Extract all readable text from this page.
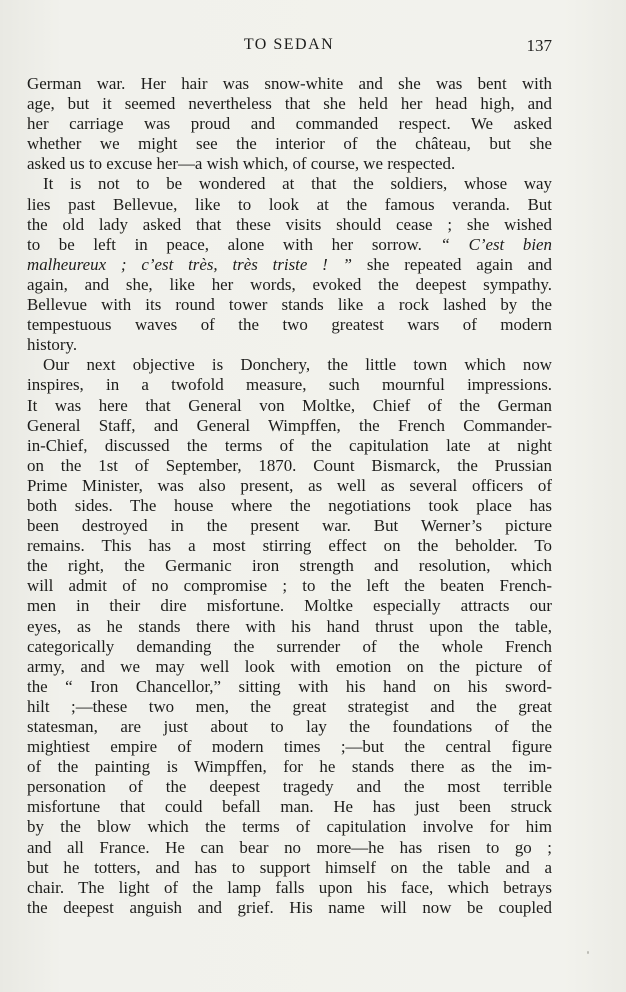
TO SEDAN	137
German war. Her hair was snow-white and she was bent with
age, but it seemed nevertheless that she held her head high, and
her carriage was proud and commanded respect. We asked
whether we might see the interior of the château, but she
asked us to excuse her—a wish which, of course, we respected.
It is not to be wondered at that the soldiers, whose way
lies past Bellevue, like to look at the famous veranda. But
the old lady asked that these visits should cease ; she wished
to be left in peace, alone with her sorrow. “ C’est bien
malheureux ; c’est très, très triste ! ” she repeated again and
again, and she, like her words, evoked the deepest sympathy.
Bellevue with its round tower stands like a rock lashed by the
tempestuous waves of the two greatest wars of modern
history.
Our next objective is Donchery, the little town which now
inspires, in a twofold measure, such mournful impressions.
It was here that General von Moltke, Chief of the German
General Staff, and General Wimpffen, the French Commander-
in-Chief, discussed the terms of the capitulation late at night
on the 1st of September, 1870. Count Bismarck, the Prussian
Prime Minister, was also present, as well as several officers of
both sides. The house where the negotiations took place has
been destroyed in the present war. But Werner’s picture
remains. This has a most stirring effect on the beholder. To
the right, the Germanic iron strength and resolution, which
will admit of no compromise ; to the left the beaten French-
men in their dire misfortune. Moltke especially attracts our
eyes, as he stands there with his hand thrust upon the table,
categorically demanding the surrender of the whole French
army, and we may well look with emotion on the picture of
the “ Iron Chancellor,” sitting with his hand on his sword-
hilt ;—these two men, the great strategist and the great
statesman, are just about to lay the foundations of the
mightiest empire of modern times ;—but the central figure
of the painting is Wimpffen, for he stands there as the im-
personation of the deepest tragedy and the most terrible
misfortune that could befall man. He has just been struck
by the blow which the terms of capitulation involve for him
and all France. He can bear no more—he has risen to go ;
but he totters, and has to support himself on the table and a
chair. The light of the lamp falls upon his face, which betrays
the deepest anguish and grief. His name will now be coupled
